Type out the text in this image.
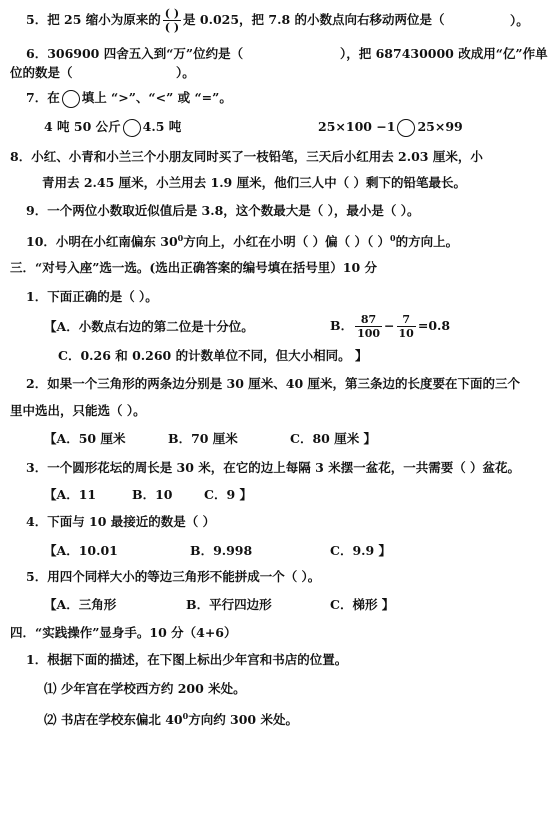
5．把 25 缩小为原来的 $\frac{( )}{( )}$ 是 0.025，把 7.8 的小数点向右移动两位是（	）。
6．306900 四舍五入到“万”位约是（	），把 687430000 改成用“亿”作单
位的数是（	）。
7．在 填上 “>”、“<” 或 “=”。
4 吨 50 公斤 4.5 吨	25×100 −1 25×99
8．小红、小青和小兰三个小朋友同时买了一枝铅笔，三天后小红用去 2.03 厘米，小
青用去 2.45 厘米，小兰用去 1.9 厘米，他们三人中（ ）剩下的铅笔最长。
9．一个两位小数取近似值后是 3.8，这个数最大是（ ），最小是（ ）。
10．小明在小红南偏东 $30^0$方向上，小红在小明（ ）偏（ ）（ ）$^0$的方向上。
三．“对号入座”选一选。(选出正确答案的编号填在括号里）10 分
1．下面正确的是（ ）。
【A．小数点右边的第二位是十分位。	B． $\frac{87}{100} - \frac{7}{10} =0.8$
C．0.26 和 0.260 的计数单位不同，但大小相同。 】
2．如果一个三角形的两条边分别是 30 厘米、40 厘米，第三条边的长度要在下面的三个
里中选出，只能选（ ）。
【A．50 厘米	B．70 厘米	C．80 厘米 】
3．一个圆形花坛的周长是 30 米，在它的边上每隔 3 米摆一盆花，一共需要（ ）盆花。
【A．11	B．10	C．9 】
4．下面与 10 最接近的数是（ ）
【A．10.01	B．9.998	C．9.9 】
5．用四个同样大小的等边三角形不能拼成一个（ ）。
【A．三角形	B．平行四边形	C．梯形 】
四．“实践操作”显身手。10 分（4+6）
1．根据下面的描述，在下图上标出少年宫和书店的位置。
⑴ 少年宫在学校西方约 200 米处。
⑵ 书店在学校东偏北 $40^0$方向约 300 米处。
